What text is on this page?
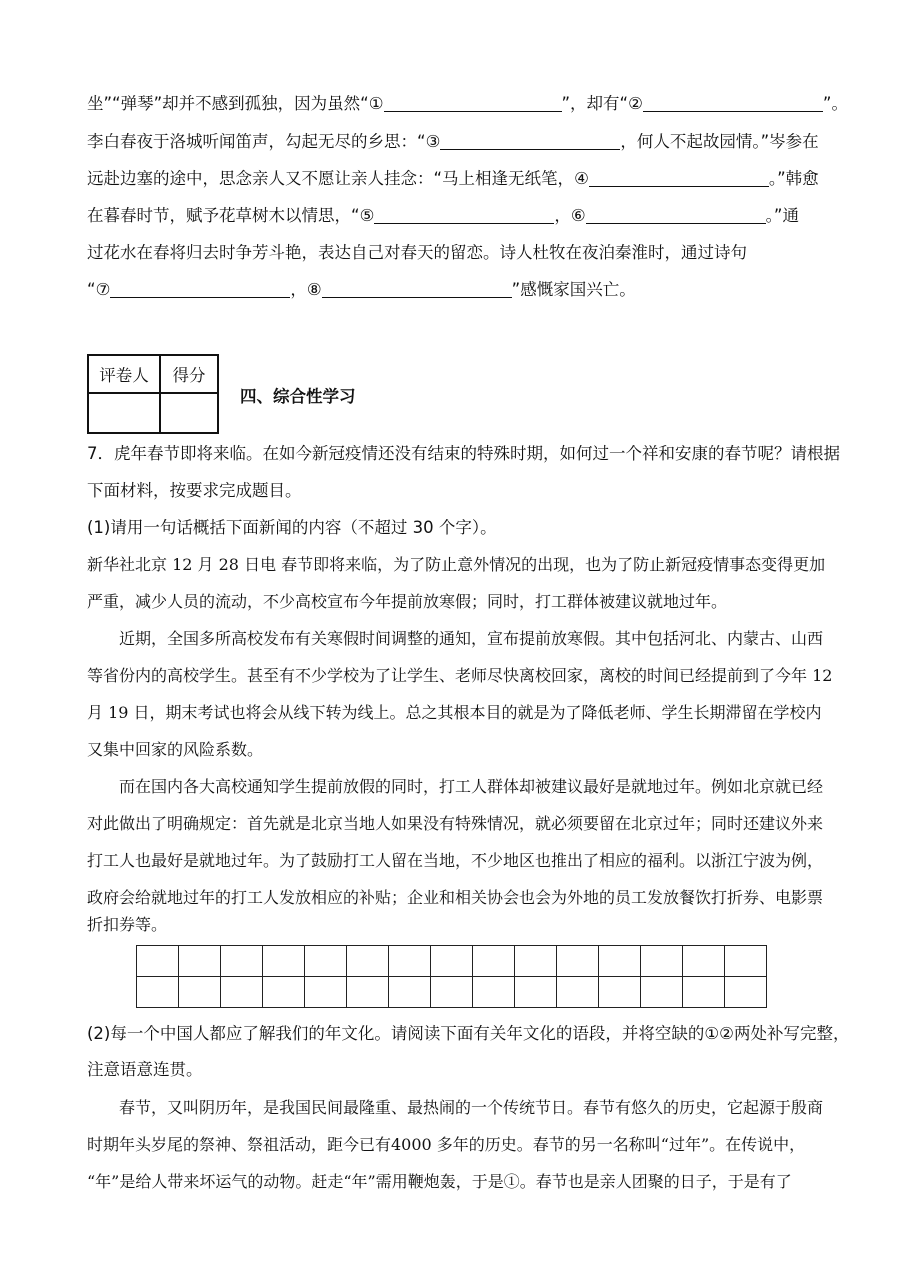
坐”“弹琴”却并不感到孤独，因为虽然“①	”，却有“②	”。
李白春夜于洛城听闻笛声，勾起无尽的乡思：“③	，何人不起故园情。”岑参在
远赴边塞的途中，思念亲人又不愿让亲人挂念：“马上相逢无纸笔，④	。”韩愈
在暮春时节，赋予花草树木以情思，“⑤	，⑥	。”通
过花水在春将归去时争芳斗艳，表达自己对春天的留恋。诗人杜牧在夜泊秦淮时，通过诗句
“⑦	，⑧	”感慨家国兴亡。
评卷人	得分

四、综合性学习
7．虎年春节即将来临。在如今新冠疫情还没有结束的特殊时期，如何过一个祥和安康的春节呢？请根据
下面材料，按要求完成题目。
(1)请用一句话概括下面新闻的内容（不超过 30 个字）。
新华社北京 12 月 28 日电 春节即将来临，为了防止意外情况的出现，也为了防止新冠疫情事态变得更加
严重，减少人员的流动，不少高校宣布今年提前放寒假；同时，打工群体被建议就地过年。
近期，全国多所高校发布有关寒假时间调整的通知，宣布提前放寒假。其中包括河北、内蒙古、山西
等省份内的高校学生。甚至有不少学校为了让学生、老师尽快离校回家，离校的时间已经提前到了今年 12
月 19 日，期末考试也将会从线下转为线上。总之其根本目的就是为了降低老师、学生长期滞留在学校内
又集中回家的风险系数。
而在国内各大高校通知学生提前放假的同时，打工人群体却被建议最好是就地过年。例如北京就已经
对此做出了明确规定：首先就是北京当地人如果没有特殊情况，就必须要留在北京过年；同时还建议外来
打工人也最好是就地过年。为了鼓励打工人留在当地，不少地区也推出了相应的福利。以浙江宁波为例，
政府会给就地过年的打工人发放相应的补贴；企业和相关协会也会为外地的员工发放餐饮打折券、电影票
折扣券等。

(2)每一个中国人都应了解我们的年文化。请阅读下面有关年文化的语段，并将空缺的①②两处补写完整，
注意语意连贯。
春节，又叫阴历年，是我国民间最隆重、最热闹的一个传统节日。春节有悠久的历史，它起源于殷商
时期年头岁尾的祭神、祭祖活动，距今已有4000 多年的历史。春节的另一名称叫“过年”。在传说中，
“年”是给人带来坏运气的动物。赶走“年”需用鞭炮轰，于是①。春节也是亲人团聚的日子，于是有了
